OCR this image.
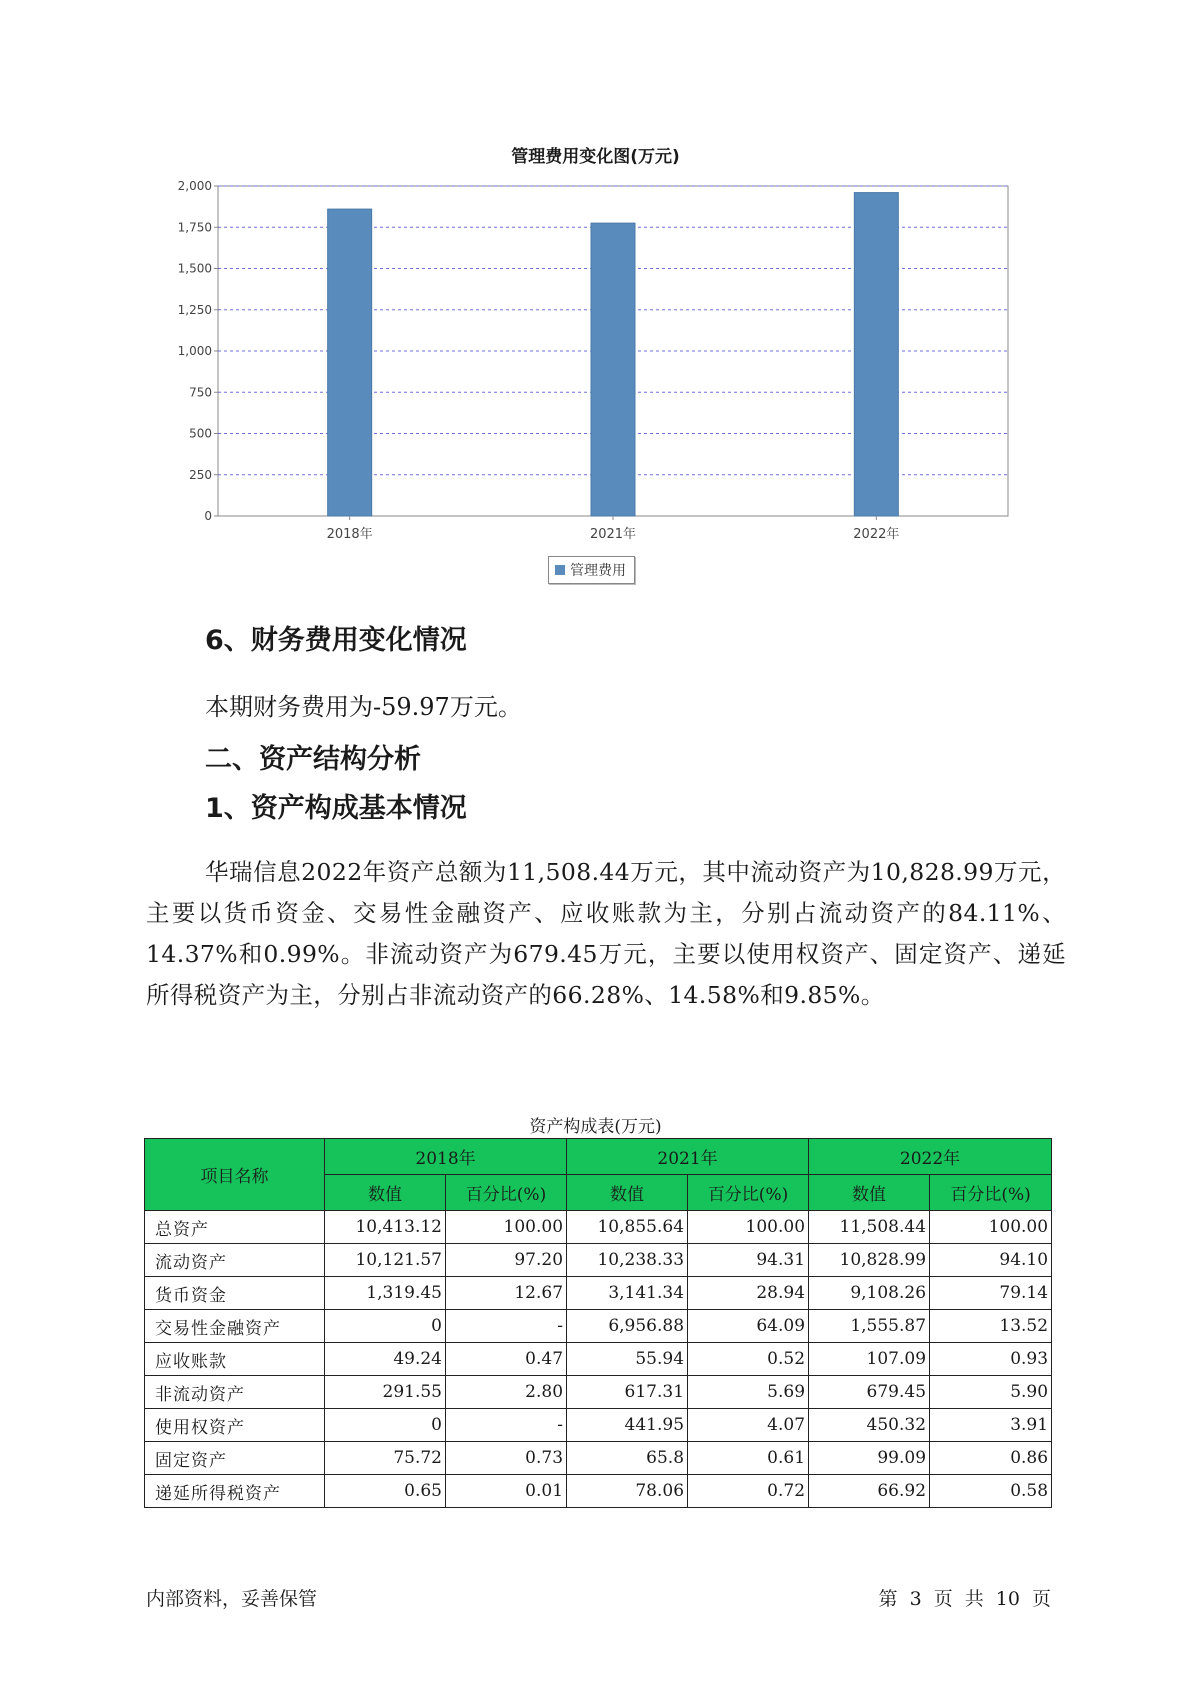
管理费用变化图(万元)
0
250
500
750
1,000
1,250
1,500
1,750
2,000
2018年	2021年	2022年
管理费用
6、财务费用变化情况
本期财务费用为-59.97万元。
二、资产结构分析
1、资产构成基本情况
华瑞信息2022年资产总额为11,508.44万元，其中流动资产为10,828.99万元，主要以货币资金、交易性金融资产、应收账款为主，分别占流动资产的84.11%、14.37%和0.99%。非流动资产为679.45万元，主要以使用权资产、固定资产、递延所得税资产为主，分别占非流动资产的66.28%、14.58%和9.85%。
资产构成表(万元)
项目名称	2018年		2021年		2022年	
	数值	百分比(%)	数值	百分比(%)	数值	百分比(%)
总资产	10,413.12	100.00	10,855.64	100.00	11,508.44	100.00
流动资产	10,121.57	97.20	10,238.33	94.31	10,828.99	94.10
货币资金	1,319.45	12.67	3,141.34	28.94	9,108.26	79.14
交易性金融资产	0	-	6,956.88	64.09	1,555.87	13.52
应收账款	49.24	0.47	55.94	0.52	107.09	0.93
非流动资产	291.55	2.80	617.31	5.69	679.45	5.90
使用权资产	0	-	441.95	4.07	450.32	3.91
固定资产	75.72	0.73	65.8	0.61	99.09	0.86
递延所得税资产	0.65	0.01	78.06	0.72	66.92	0.58
内部资料，妥善保管	第 3 页 共 10 页
